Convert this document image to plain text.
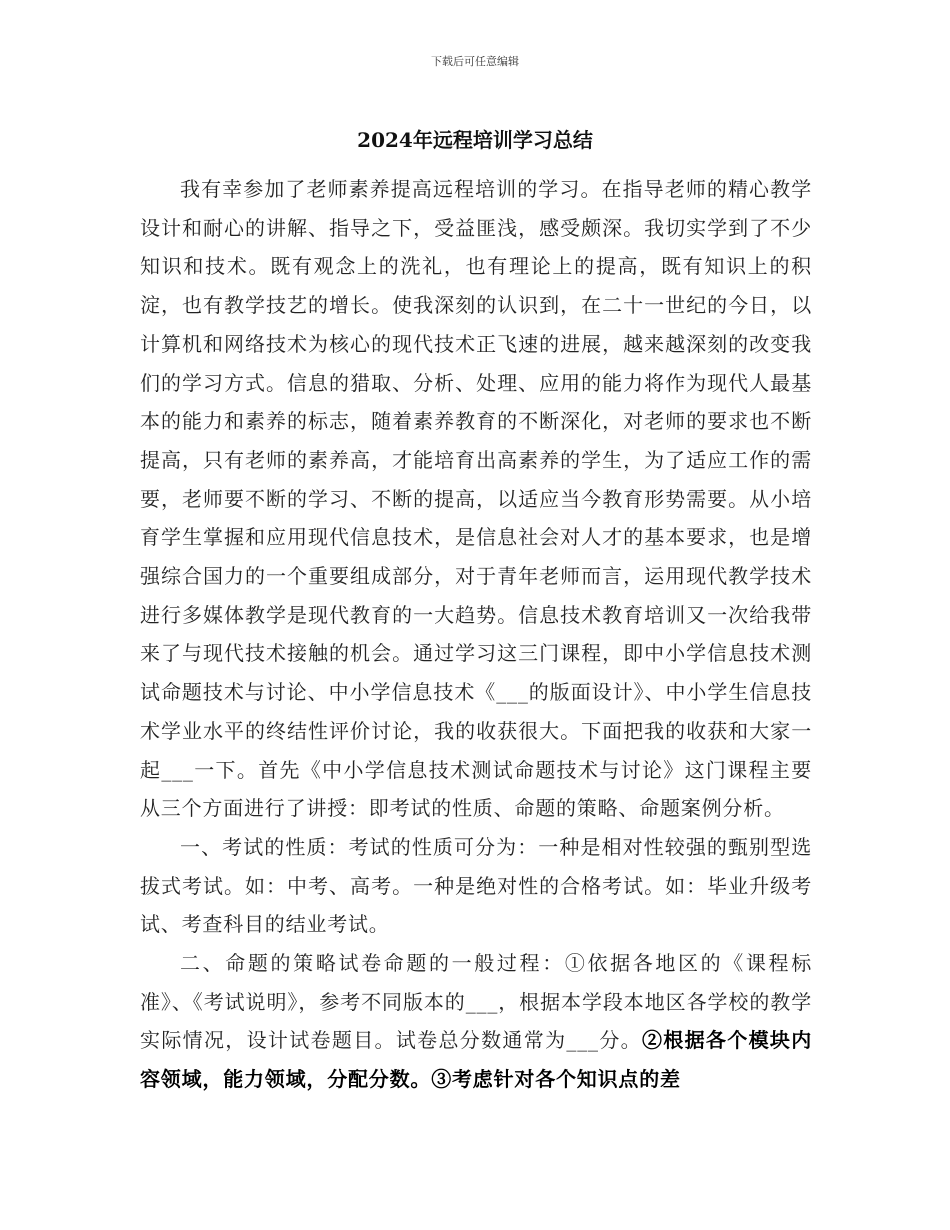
下载后可任意编辑
2024年远程培训学习总结

我有幸参加了老师素养提高远程培训的学习。在指导老师的精心教学设计和耐心的讲解、指导之下，受益匪浅，感受颇深。我切实学到了不少知识和技术。既有观念上的洗礼，也有理论上的提高，既有知识上的积淀，也有教学技艺的增长。使我深刻的认识到，在二十一世纪的今日，以计算机和网络技术为核心的现代技术正飞速的进展，越来越深刻的改变我们的学习方式。信息的猎取、分析、处理、应用的能力将作为现代人最基本的能力和素养的标志，随着素养教育的不断深化，对老师的要求也不断提高，只有老师的素养高，才能培育出高素养的学生，为了适应工作的需要，老师要不断的学习、不断的提高，以适应当今教育形势需要。从小培育学生掌握和应用现代信息技术，是信息社会对人才的基本要求，也是增强综合国力的一个重要组成部分，对于青年老师而言，运用现代教学技术进行多媒体教学是现代教育的一大趋势。信息技术教育培训又一次给我带来了与现代技术接触的机会。通过学习这三门课程，即中小学信息技术测试命题技术与讨论、中小学信息技术《___的版面设计》、中小学生信息技术学业水平的终结性评价讨论，我的收获很大。下面把我的收获和大家一起___一下。首先《中小学信息技术测试命题技术与讨论》这门课程主要从三个方面进行了讲授：即考试的性质、命题的策略、命题案例分析。

一、考试的性质：考试的性质可分为：一种是相对性较强的甄别型选拔式考试。如：中考、高考。一种是绝对性的合格考试。如：毕业升级考试、考查科目的结业考试。

二、命题的策略试卷命题的一般过程：①依据各地区的《课程标准》、《考试说明》，参考不同版本的___，根据本学段本地区各学校的教学实际情况，设计试卷题目。试卷总分数通常为___分。②根据各个模块内容领域，能力领域，分配分数。③考虑针对各个知识点的差
